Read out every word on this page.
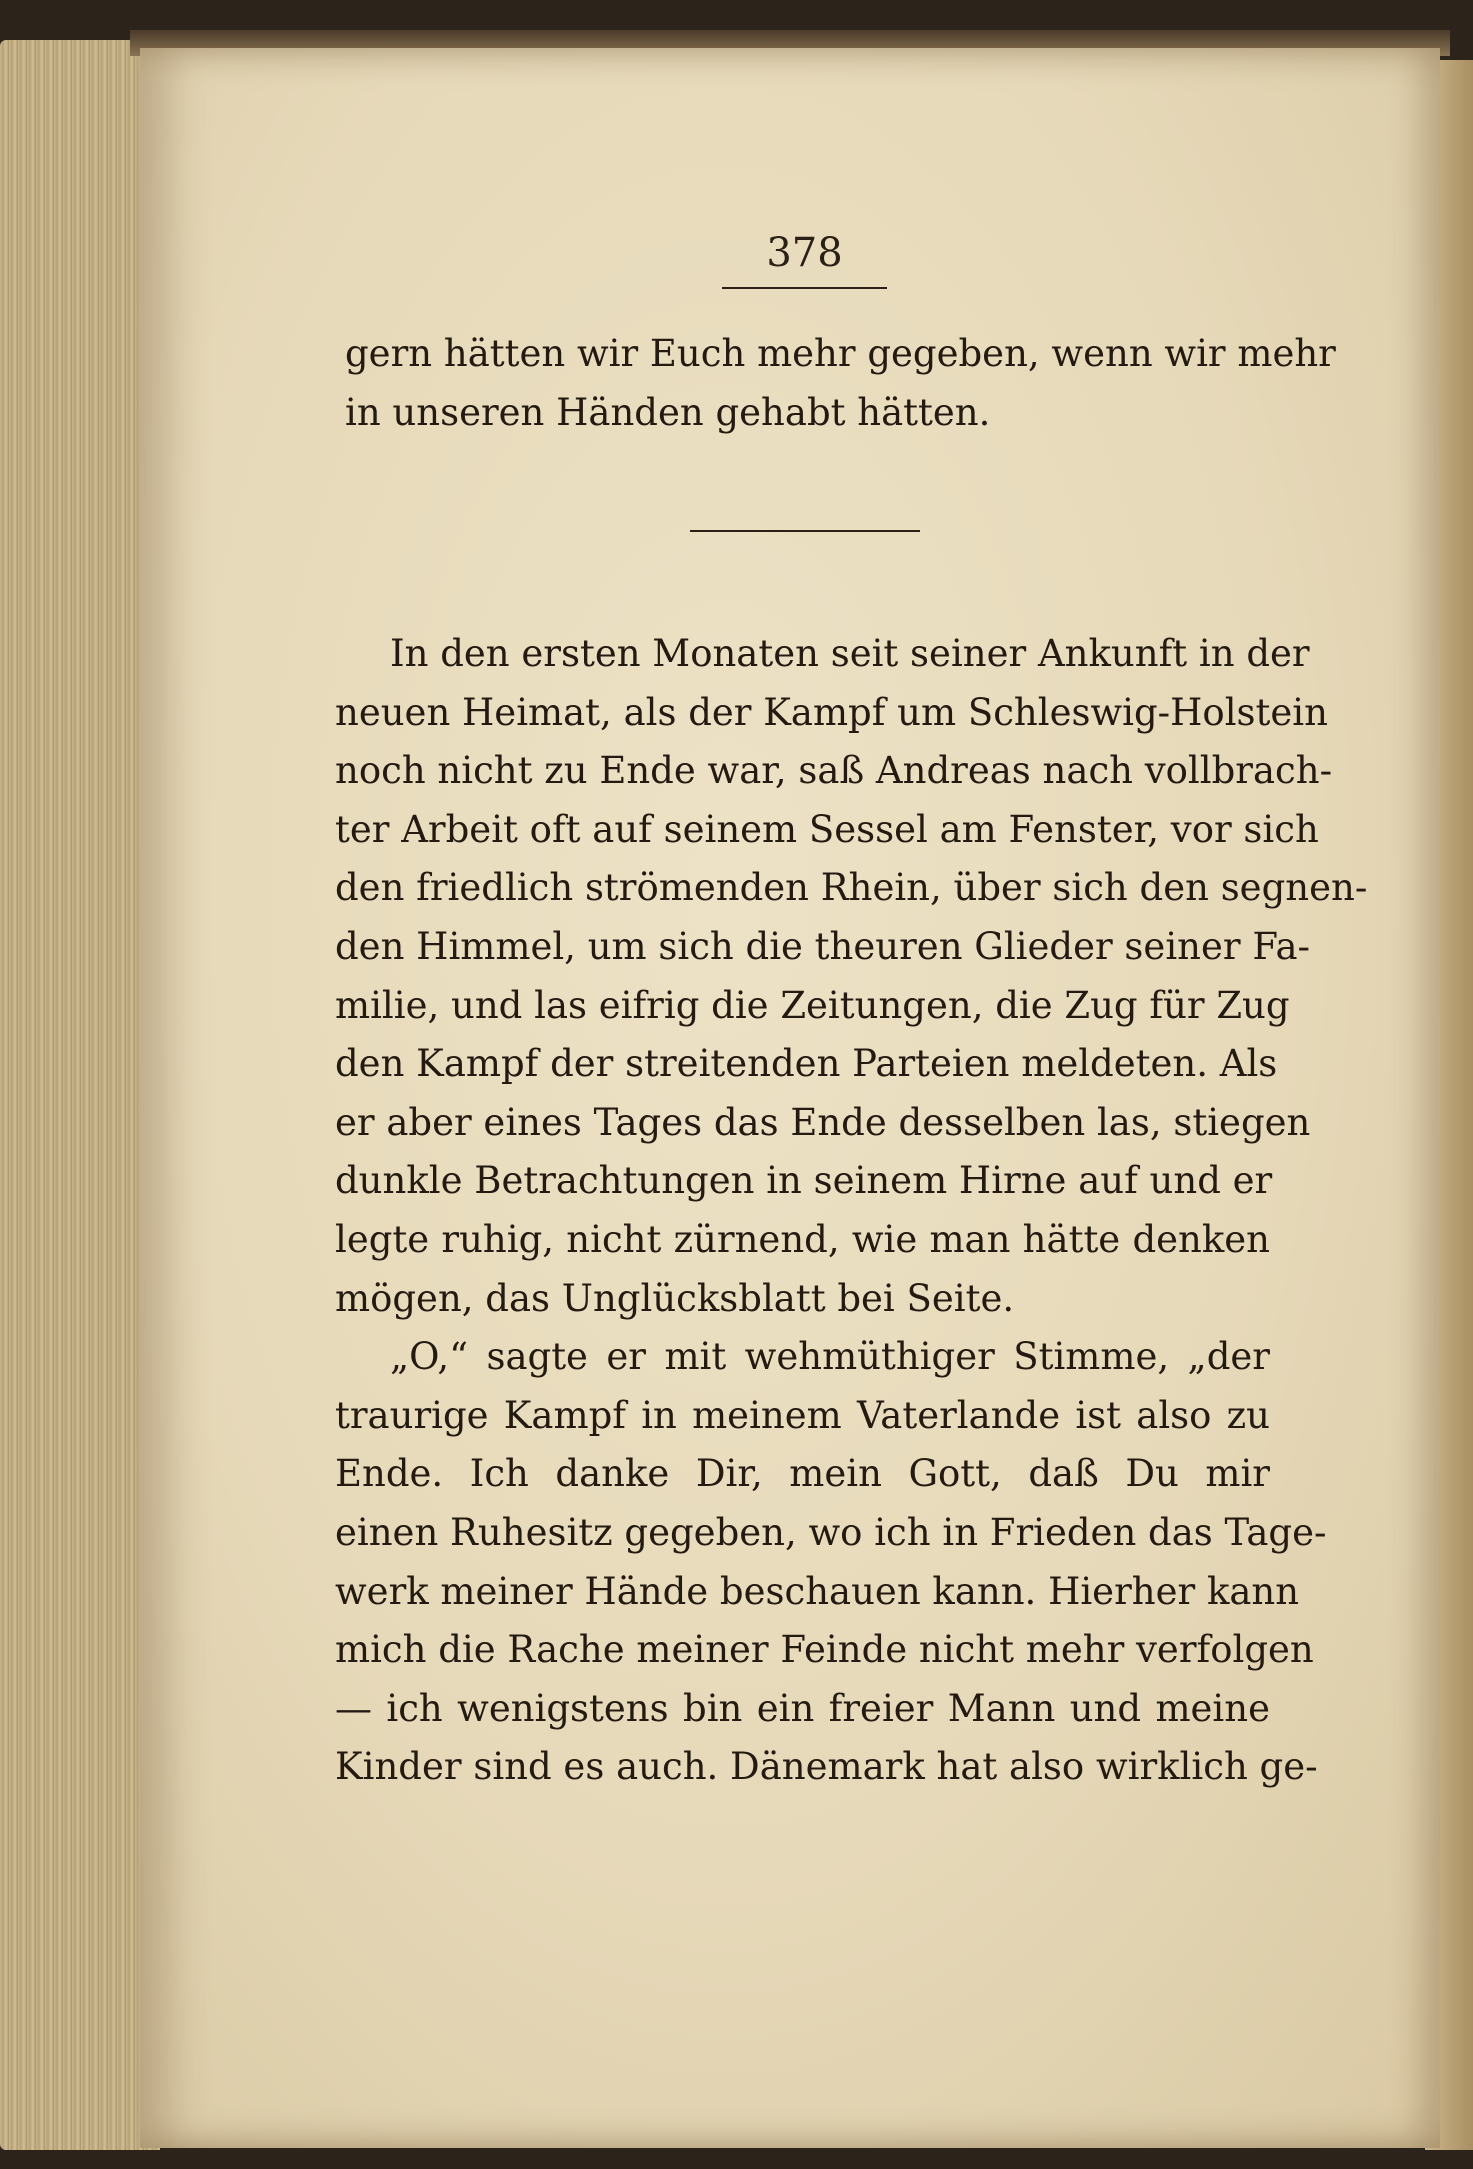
378
gern hätten wir Euch mehr gegeben, wenn wir mehr
in unseren Händen gehabt hätten.
In den ersten Monaten seit seiner Ankunft in der
neuen Heimat, als der Kampf um Schleswig-Holstein
noch nicht zu Ende war, saß Andreas nach vollbrach-
ter Arbeit oft auf seinem Sessel am Fenster, vor sich
den friedlich strömenden Rhein, über sich den segnen-
den Himmel, um sich die theuren Glieder seiner Fa-
milie, und las eifrig die Zeitungen, die Zug für Zug
den Kampf der streitenden Parteien meldeten. Als
er aber eines Tages das Ende desselben las, stiegen
dunkle Betrachtungen in seinem Hirne auf und er
legte ruhig, nicht zürnend, wie man hätte denken
mögen, das Unglücksblatt bei Seite.
„O,“ sagte er mit wehmüthiger Stimme, „der
traurige Kampf in meinem Vaterlande ist also zu
Ende. Ich danke Dir, mein Gott, daß Du mir
einen Ruhesitz gegeben, wo ich in Frieden das Tage-
werk meiner Hände beschauen kann. Hierher kann
mich die Rache meiner Feinde nicht mehr verfolgen
— ich wenigstens bin ein freier Mann und meine
Kinder sind es auch. Dänemark hat also wirklich ge-
